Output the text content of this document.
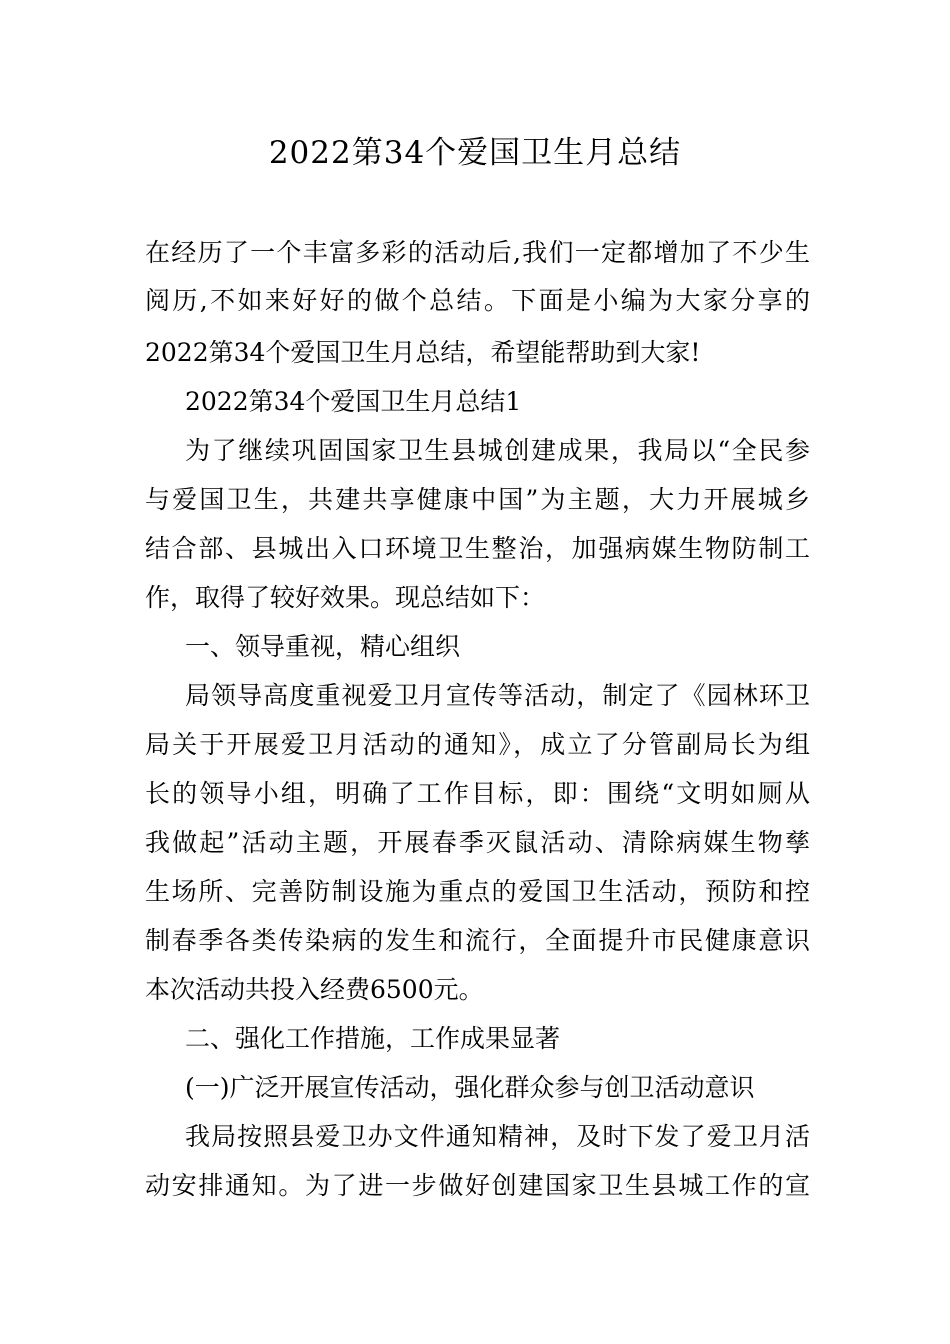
2022第34个爱国卫生月总结
在经历了一个丰富多彩的活动后,我们一定都增加了不少生
阅历,不如来好好的做个总结。下面是小编为大家分享的
2022第34个爱国卫生月总结，希望能帮助到大家!
2022第34个爱国卫生月总结1
为了继续巩固国家卫生县城创建成果，我局以“全民参
与爱国卫生，共建共享健康中国”为主题，大力开展城乡
结合部、县城出入口环境卫生整治，加强病媒生物防制工
作，取得了较好效果。现总结如下：
一、领导重视，精心组织
局领导高度重视爱卫月宣传等活动，制定了《园林环卫
局关于开展爱卫月活动的通知》，成立了分管副局长为组
长的领导小组，明确了工作目标，即：围绕“文明如厕从
我做起”活动主题，开展春季灭鼠活动、清除病媒生物孳
生场所、完善防制设施为重点的爱国卫生活动，预防和控
制春季各类传染病的发生和流行，全面提升市民健康意识
本次活动共投入经费6500元。
二、强化工作措施，工作成果显著
(一)广泛开展宣传活动，强化群众参与创卫活动意识
我局按照县爱卫办文件通知精神，及时下发了爱卫月活
动安排通知。为了进一步做好创建国家卫生县城工作的宣
